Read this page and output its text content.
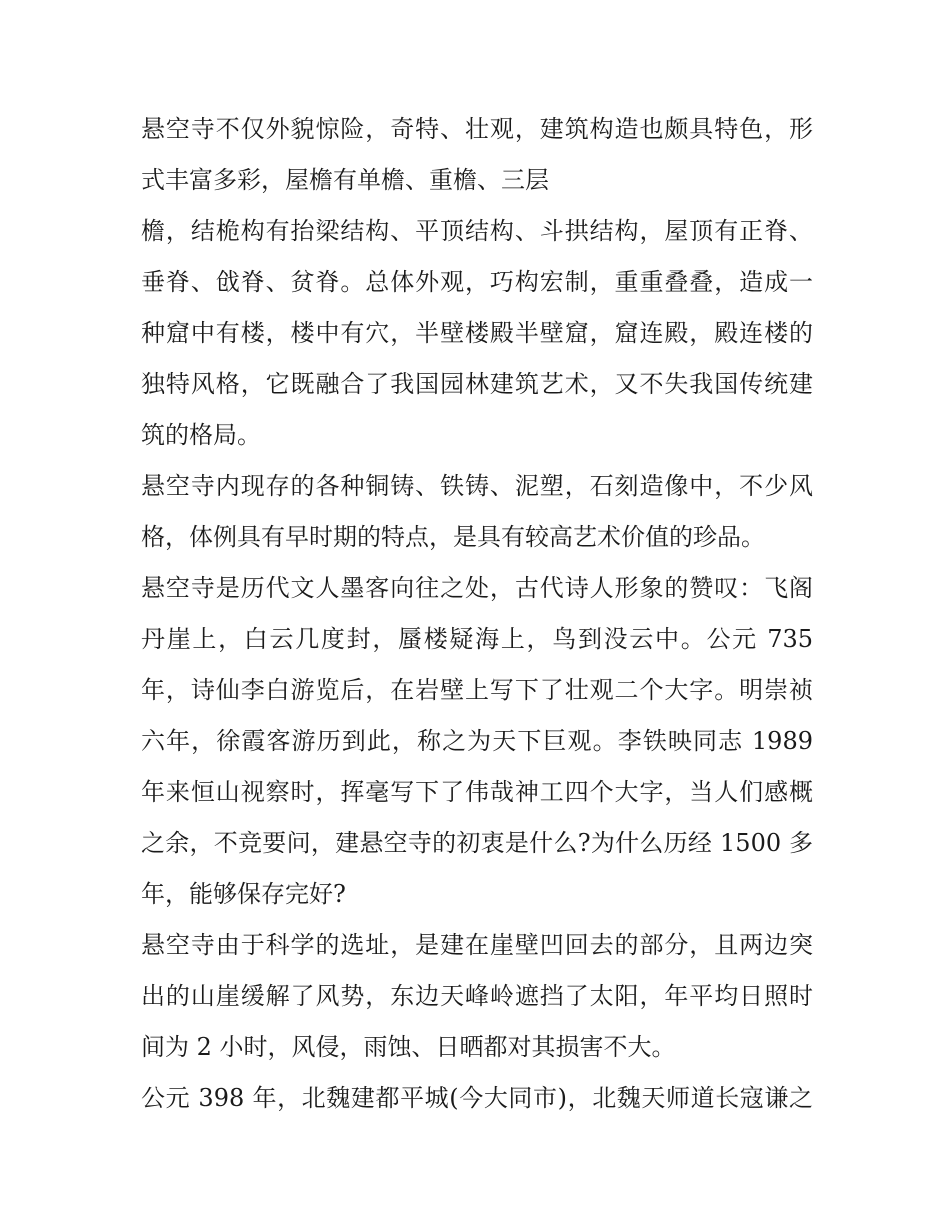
悬空寺不仅外貌惊险，奇特、壮观，建筑构造也颇具特色，形
式丰富多彩，屋檐有单檐、重檐、三层
檐，结桅构有抬梁结构、平顶结构、斗拱结构，屋顶有正脊、
垂脊、戗脊、贫脊。总体外观，巧构宏制，重重叠叠，造成一
种窟中有楼，楼中有穴，半壁楼殿半壁窟，窟连殿，殿连楼的
独特风格，它既融合了我国园林建筑艺术，又不失我国传统建
筑的格局。
悬空寺内现存的各种铜铸、铁铸、泥塑，石刻造像中，不少风
格，体例具有早时期的特点，是具有较高艺术价值的珍品。
悬空寺是历代文人墨客向往之处，古代诗人形象的赞叹：飞阁
丹崖上，白云几度封，蜃楼疑海上，鸟到没云中。公元 735
年，诗仙李白游览后，在岩壁上写下了壮观二个大字。明崇祯
六年，徐霞客游历到此，称之为天下巨观。李铁映同志 1989
年来恒山视察时，挥毫写下了伟哉神工四个大字，当人们感概
之余，不竞要问，建悬空寺的初衷是什么?为什么历经 1500 多
年，能够保存完好?
悬空寺由于科学的选址，是建在崖壁凹回去的部分，且两边突
出的山崖缓解了风势，东边天峰岭遮挡了太阳，年平均日照时
间为 2 小时，风侵，雨蚀、日晒都对其损害不大。
公元 398 年，北魏建都平城(今大同市)，北魏天师道长寇谦之
